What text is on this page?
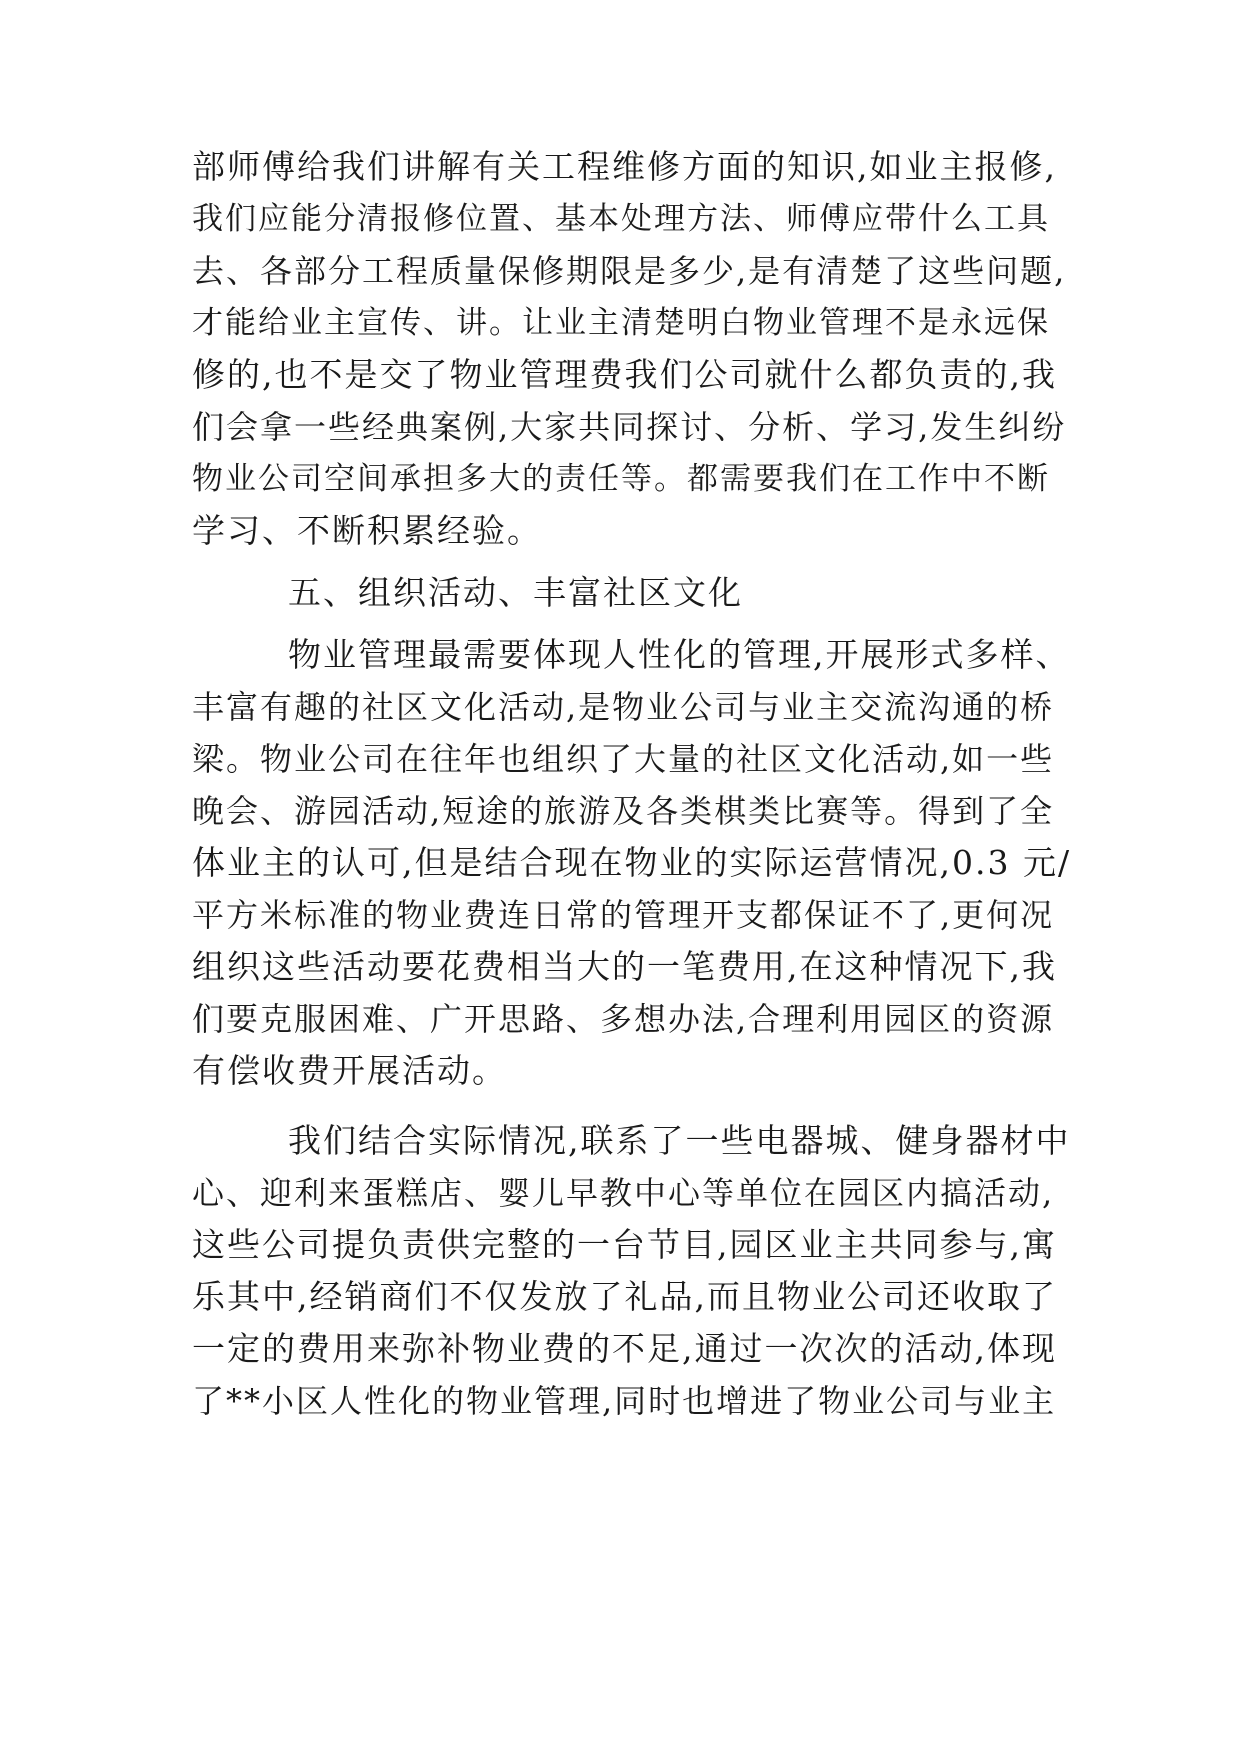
部师傅给我们讲解有关工程维修方面的知识,如业主报修,
我们应能分清报修位置、基本处理方法、师傅应带什么工具
去、各部分工程质量保修期限是多少,是有清楚了这些问题,
才能给业主宣传、讲。让业主清楚明白物业管理不是永远保
修的,也不是交了物业管理费我们公司就什么都负责的,我
们会拿一些经典案例,大家共同探讨、分析、学习,发生纠纷
物业公司空间承担多大的责任等。都需要我们在工作中不断
学习、不断积累经验。
五、组织活动、丰富社区文化
物业管理最需要体现人性化的管理,开展形式多样、
丰富有趣的社区文化活动,是物业公司与业主交流沟通的桥
梁。物业公司在往年也组织了大量的社区文化活动,如一些
晚会、游园活动,短途的旅游及各类棋类比赛等。得到了全
体业主的认可,但是结合现在物业的实际运营情况,0.3 元/
平方米标准的物业费连日常的管理开支都保证不了,更何况
组织这些活动要花费相当大的一笔费用,在这种情况下,我
们要克服困难、广开思路、多想办法,合理利用园区的资源
有偿收费开展活动。
我们结合实际情况,联系了一些电器城、健身器材中
心、迎利来蛋糕店、婴儿早教中心等单位在园区内搞活动,
这些公司提负责供完整的一台节目,园区业主共同参与,寓
乐其中,经销商们不仅发放了礼品,而且物业公司还收取了
一定的费用来弥补物业费的不足,通过一次次的活动,体现
了**小区人性化的物业管理,同时也增进了物业公司与业主
